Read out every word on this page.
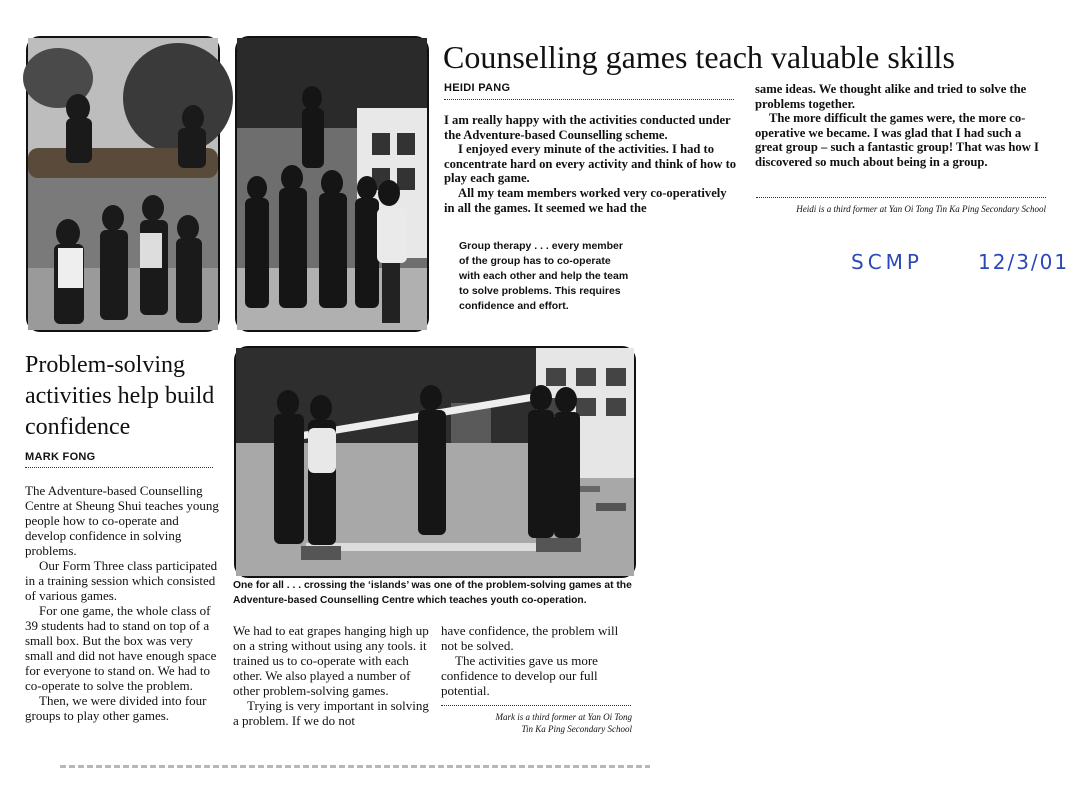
Counselling games teach valuable skills
HEIDI PANG

I am really happy with the activities conducted under the Adventure-based Counselling scheme.

I enjoyed every minute of the activities. I had to concentrate hard on every activity and think of how to play each game.

All my team members worked very co-operatively in all the games. It seemed we had the

same ideas. We thought alike and tried to solve the problems together.

The more difficult the games were, the more co-operative we became. I was glad that I had such a great group – such a fantastic group! That was how I discovered so much about being in a group.

Heidi is a third former at Yan Oi Tong Tin Ka Ping Secondary School
Group therapy . . . every member of the group has to co-operate with each other and help the team to solve problems. This requires confidence and effort.
SCMP	12/3/01
Problem-solving activities help build confidence
MARK FONG
One for all . . . crossing the ‘islands’ was one of the problem-solving games at the Adventure-based Counselling Centre which teaches youth co-operation.

The Adventure-based Counselling Centre at Sheung Shui teaches young people how to co-operate and develop confidence in solving problems.

Our Form Three class participated in a training session which consisted of various games.

For one game, the whole class of 39 students had to stand on top of a small box. But the box was very small and did not have enough space for everyone to stand on. We had to co-operate to solve the problem.

Then, we were divided into four groups to play other games.

We had to eat grapes hanging high up on a string without using any tools. it trained us to co-operate with each other. We also played a number of other problem-solving games.

Trying is very important in solving a problem. If we do not

have confidence, the problem will not be solved.

The activities gave us more confidence to develop our full potential.

Mark is a third former at Yan Oi Tong Tin Ka Ping Secondary School
